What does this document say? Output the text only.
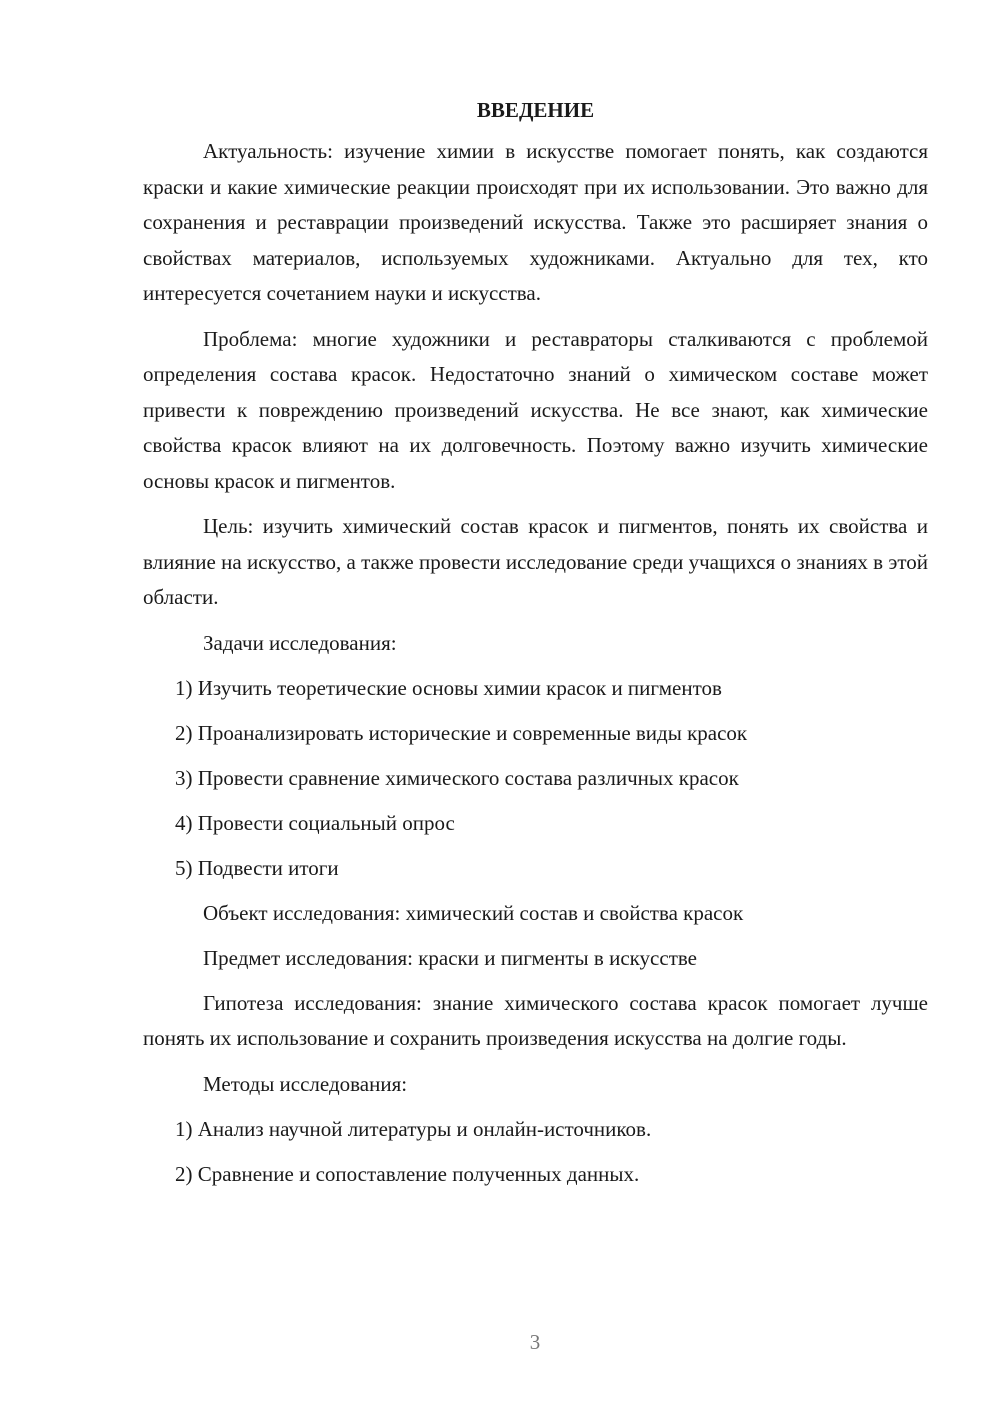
ВВЕДЕНИЕ

Актуальность: изучение химии в искусстве помогает понять, как создаются краски и какие химические реакции происходят при их использовании. Это важно для сохранения и реставрации произведений искусства. Также это расширяет знания о свойствах материалов, используемых художниками. Актуально для тех, кто интересуется сочетанием науки и искусства.

Проблема: многие художники и реставраторы сталкиваются с проблемой определения состава красок. Недостаточно знаний о химическом составе может привести к повреждению произведений искусства. Не все знают, как химические свойства красок влияют на их долговечность. Поэтому важно изучить химические основы красок и пигментов.

Цель: изучить химический состав красок и пигментов, понять их свойства и влияние на искусство, а также провести исследование среди учащихся о знаниях в этой области.

Задачи исследования:
1) Изучить теоретические основы химии красок и пигментов
2) Проанализировать исторические и современные виды красок
3) Провести сравнение химического состава различных красок
4) Провести социальный опрос
5) Подвести итоги
Объект исследования: химический состав и свойства красок
Предмет исследования: краски и пигменты в искусстве

Гипотеза исследования: знание химического состава красок помогает лучше понять их использование и сохранить произведения искусства на долгие годы.

Методы исследования:
1) Анализ научной литературы и онлайн-источников.
2) Сравнение и сопоставление полученных данных.
3
